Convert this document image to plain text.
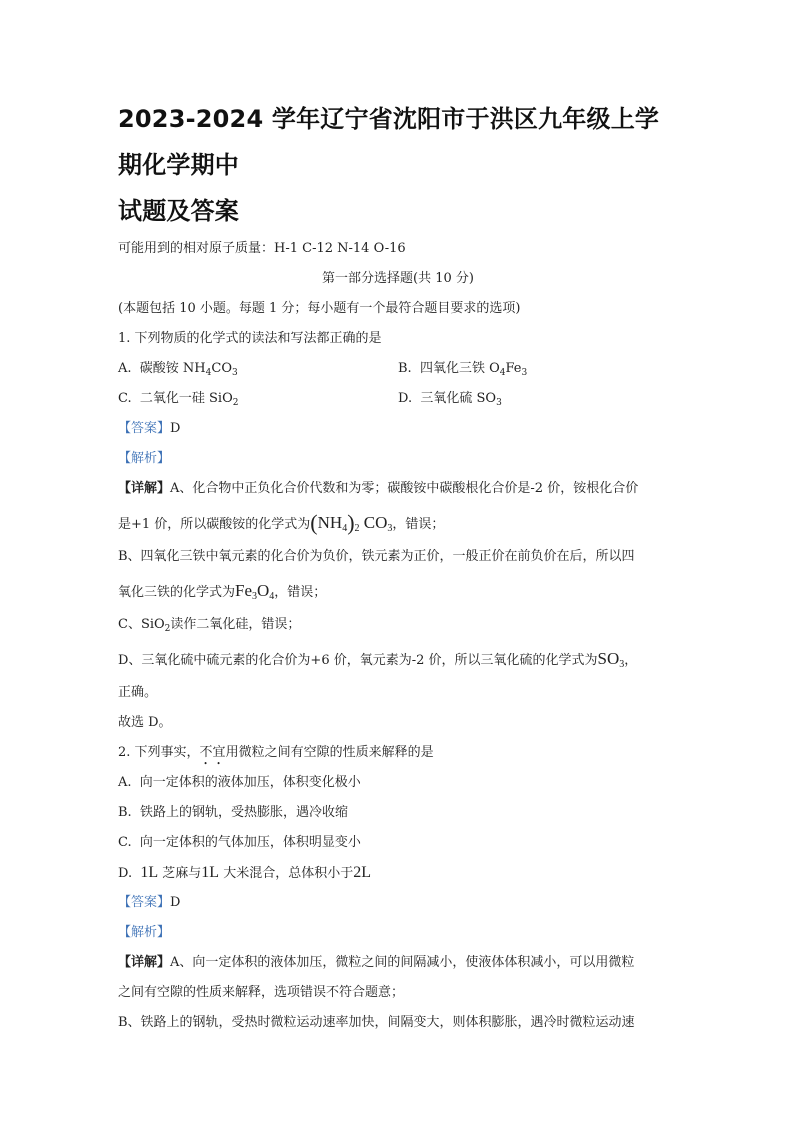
2023-2024 学年辽宁省沈阳市于洪区九年级上学期化学期中
试题及答案
可能用到的相对原子质量：H-1 C-12 N-14 O-16
第一部分选择题(共 10 分)
(本题包括 10 小题。每题 1 分；每小题有一个最符合题目要求的选项)
1. 下列物质的化学式的读法和写法都正确的是
A. 碳酸铵 $NH_4CO_3$	B. 四氧化三铁 $O_4Fe_3$
C. 二氧化一硅 SiO$_2$	D. 三氧化硫 $SO_3$
【答案】D
【解析】
【详解】A、化合物中正负化合价代数和为零；碳酸铵中碳酸根化合价是-2 价，铵根化合价
是+1 价，所以碳酸铵的化学式为$(NH_4)_2$ $CO_3$，错误；
B、四氧化三铁中氧元素的化合价为负价，铁元素为正价，一般正价在前负价在后，所以四
氧化三铁的化学式为$Fe_3O_4$，错误；
C、SiO$_2$读作二氧化硅，错误；
D、三氧化硫中硫元素的化合价为+6 价，氧元素为-2 价，所以三氧化硫的化学式为$SO_3$，
正确。
故选 D。
2. 下列事实，不宜用微粒之间有空隙的性质来解释的是
A. 向一定体积的液体加压，体积变化极小
B. 铁路上的钢轨，受热膨胀，遇冷收缩
C. 向一定体积的气体加压，体积明显变小
D. 1L 芝麻与1L 大米混合，总体积小于2L
【答案】D
【解析】
【详解】A、向一定体积的液体加压，微粒之间的间隔减小，使液体体积减小，可以用微粒
之间有空隙的性质来解释，选项错误不符合题意；
B、铁路上的钢轨，受热时微粒运动速率加快，间隔变大，则体积膨胀，遇冷时微粒运动速
